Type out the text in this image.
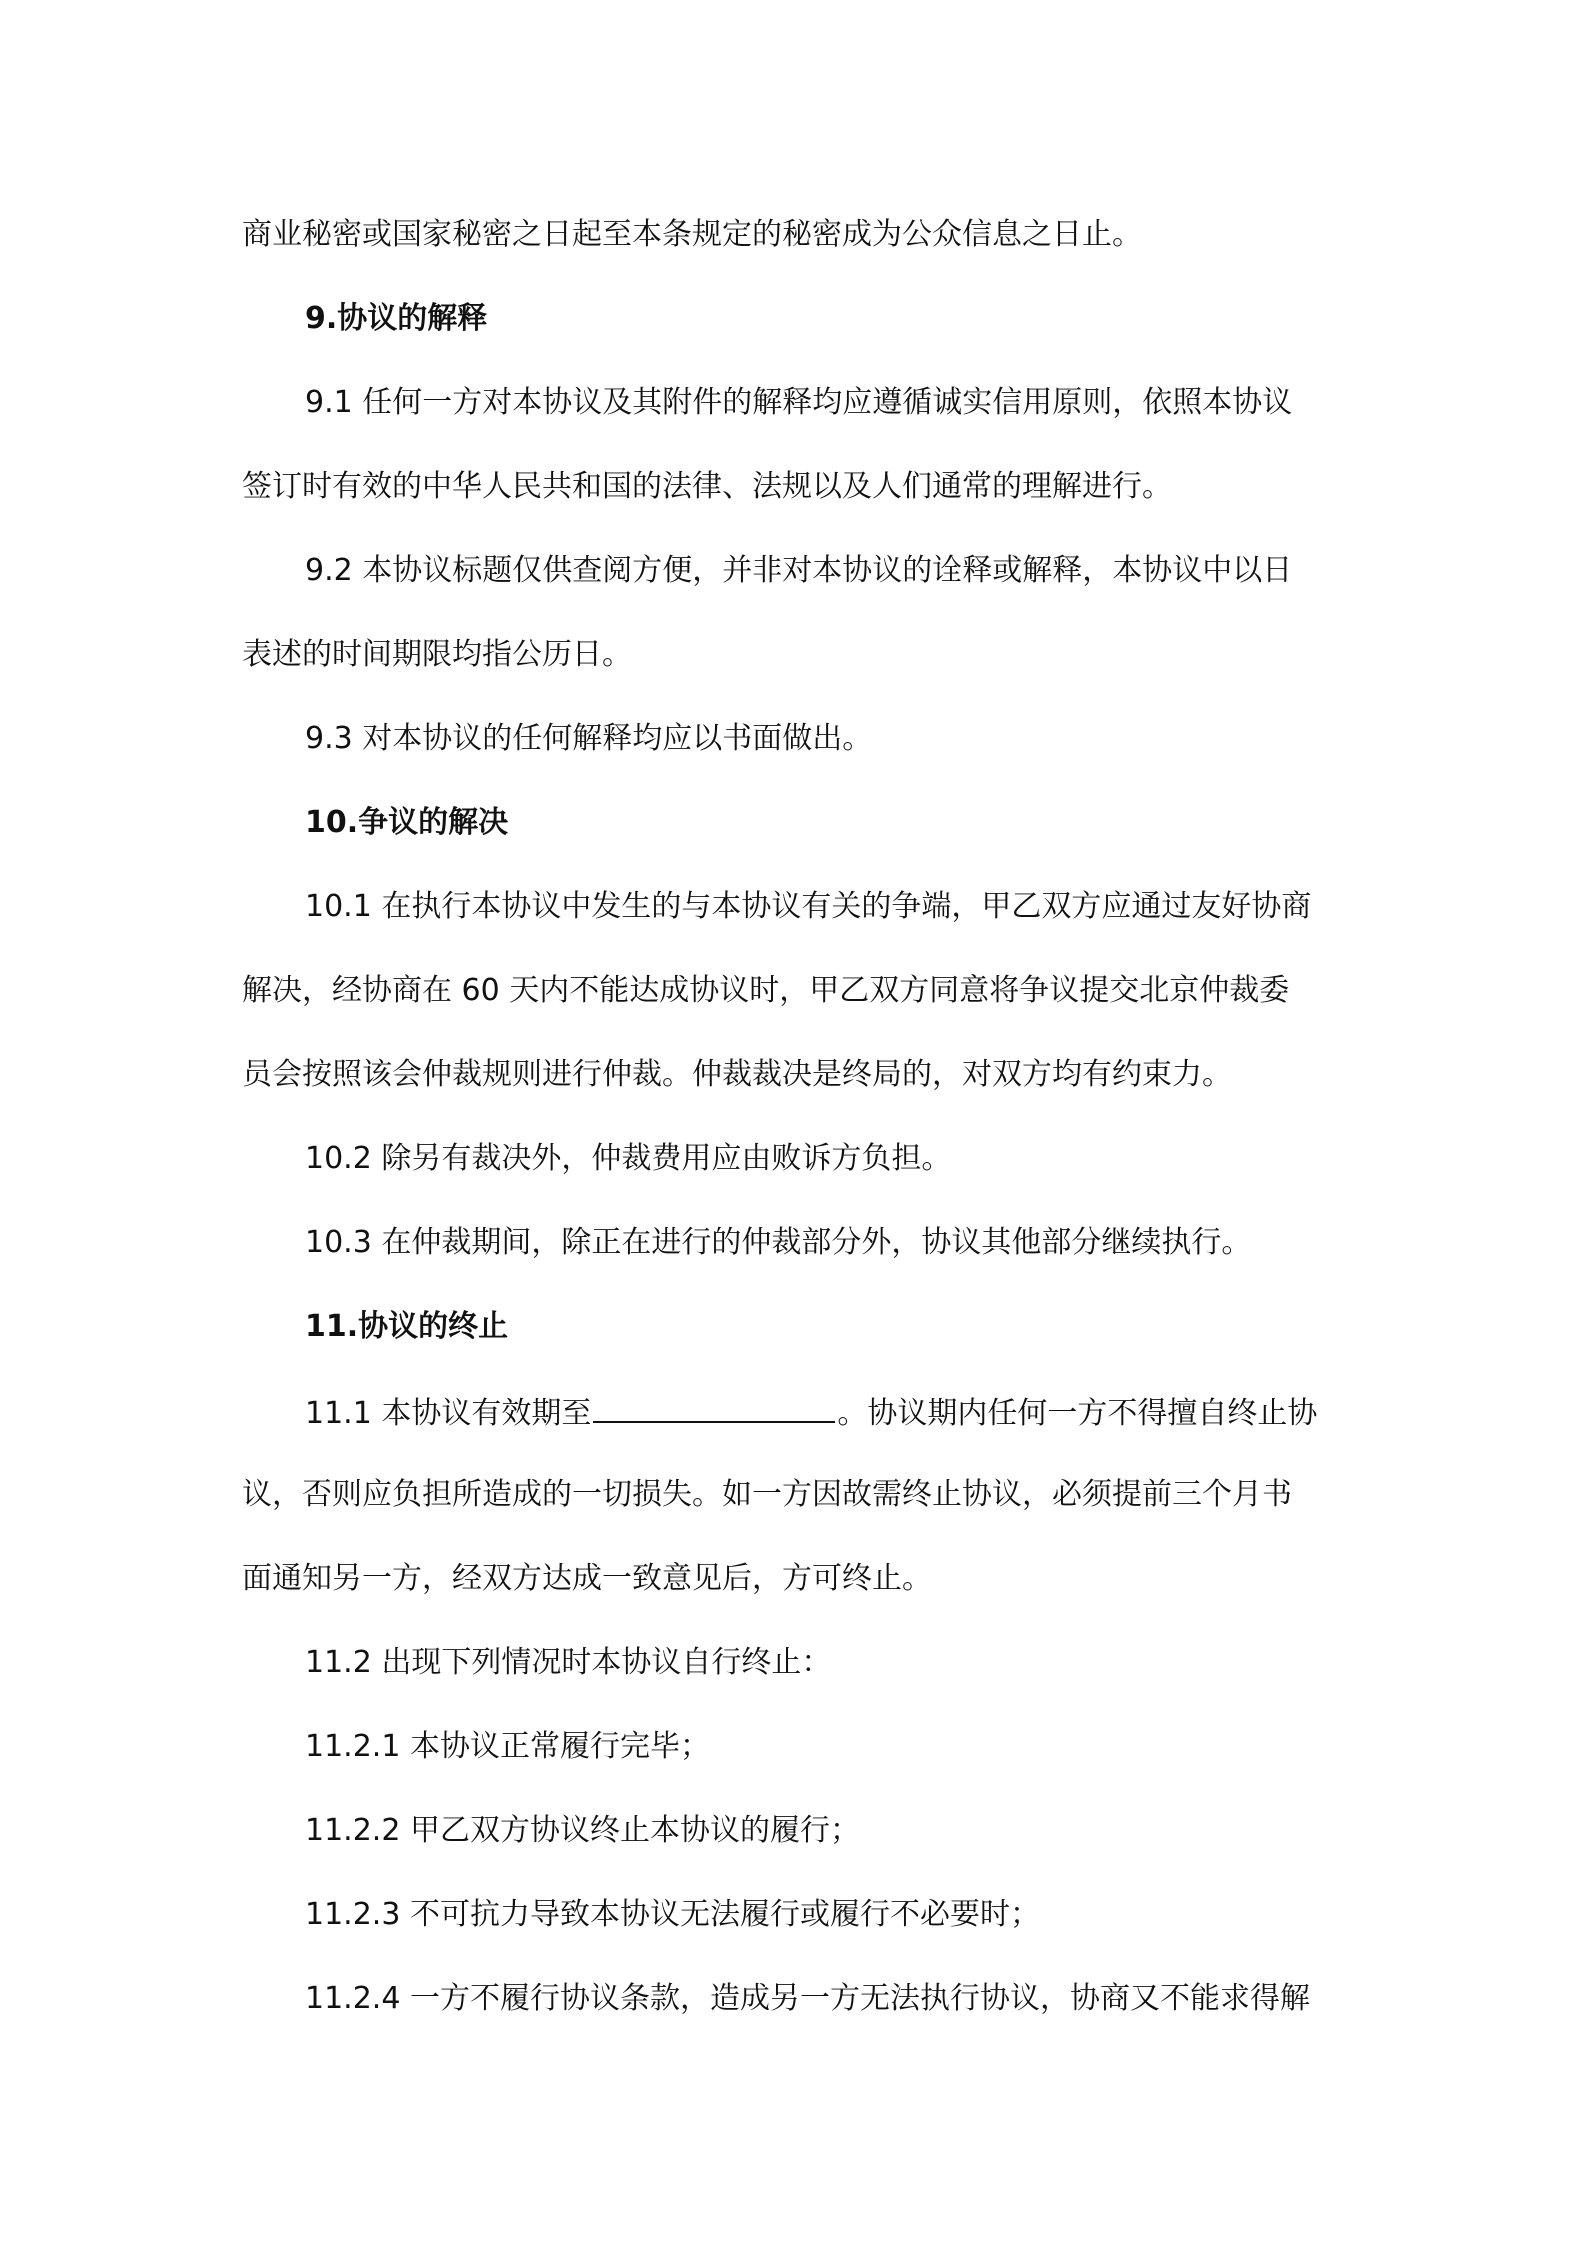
商业秘密或国家秘密之日起至本条规定的秘密成为公众信息之日止。
9.协议的解释
9.1 任何一方对本协议及其附件的解释均应遵循诚实信用原则，依照本协议
签订时有效的中华人民共和国的法律、法规以及人们通常的理解进行。
9.2 本协议标题仅供查阅方便，并非对本协议的诠释或解释，本协议中以日
表述的时间期限均指公历日。
9.3 对本协议的任何解释均应以书面做出。
10.争议的解决
10.1 在执行本协议中发生的与本协议有关的争端，甲乙双方应通过友好协商
解决，经协商在 60 天内不能达成协议时，甲乙双方同意将争议提交北京仲裁委
员会按照该会仲裁规则进行仲裁。仲裁裁决是终局的，对双方均有约束力。
10.2 除另有裁决外，仲裁费用应由败诉方负担。
10.3 在仲裁期间，除正在进行的仲裁部分外，协议其他部分继续执行。
11.协议的终止
11.1 本协议有效期至	。协议期内任何一方不得擅自终止协
议，否则应负担所造成的一切损失。如一方因故需终止协议，必须提前三个月书
面通知另一方，经双方达成一致意见后，方可终止。
11.2 出现下列情况时本协议自行终止：
11.2.1 本协议正常履行完毕；
11.2.2 甲乙双方协议终止本协议的履行；
11.2.3 不可抗力导致本协议无法履行或履行不必要时；
11.2.4 一方不履行协议条款，造成另一方无法执行协议，协商又不能求得解
